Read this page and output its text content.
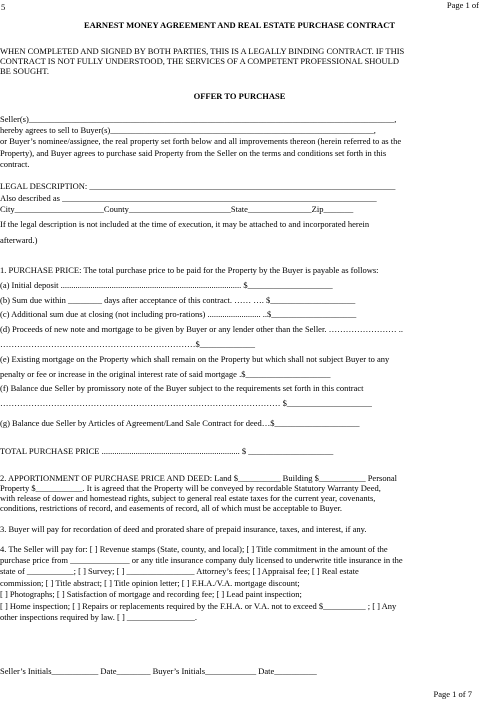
5	Page 1 of

EARNEST MONEY AGREEMENT AND REAL ESTATE PURCHASE CONTRACT

WHEN COMPLETED AND SIGNED BY BOTH PARTIES, THIS IS A LEGALLY BINDING CONTRACT. IF THIS

CONTRACT IS NOT FULLY UNDERSTOOD, THE SERVICES OF A COMPETENT PROFESSIONAL SHOULD

BE SOUGHT.

OFFER TO PURCHASE

Seller(s)______________________________________________________________________________________,

hereby agrees to sell to Buyer(s)______________________________________________________________,

or Buyer’s nominee/assignee, the real property set forth below and all improvements thereon (herein referred to as the

Property), and Buyer agrees to purchase said Property from the Seller on the terms and conditions set forth in this

contract.

LEGAL DESCRIPTION: ________________________________________________________________________

Also described as __________________________________________________________________________

City_____________________County________________________State_______________Zip_______

If the legal description is not included at the time of execution, it may be attached to and incorporated herein

afterward.)

1. PURCHASE PRICE: The total purchase price to be paid for the Property by the Buyer is payable as follows:

(a) Initial deposit ..................................................................................... $____________________

(b) Sum due within ________ days after acceptance of this contract. …… …. $____________________

(c) Additional sum due at closing (not including pro-rations) ......................... ..$____________________

(d) Proceeds of new note and mortgage to be given by Buyer or any lender other than the Seller. …………………… ..

……………………………………………………………$_____________

(e) Existing mortgage on the Property which shall remain on the Property but which shall not subject Buyer to any

penalty or fee or increase in the original interest rate of said mortgage .$____________________

(f) Balance due Seller by promissory note of the Buyer subject to the requirements set forth in this contract

……………………………………………………………………………………… $____________________

(g) Balance due Seller by Articles of Agreement/Land Sale Contract for deed…$____________________

TOTAL PURCHASE PRICE ................................................................. $ ____________________

2. APPORTIONMENT OF PURCHASE PRICE AND DEED: Land $__________ Building $___________ Personal

Property $___________. It is agreed that the Property will be conveyed by recordable Statutory Warranty Deed,

with release of dower and homestead rights, subject to general real estate taxes for the current year, covenants,

conditions, restrictions of record, and easements of record, all of which must be acceptable to Buyer.

3. Buyer will pay for recordation of deed and prorated share of prepaid insurance, taxes, and interest, if any.

4. The Seller will pay for: [ ] Revenue stamps (State, county, and local); [ ] Title commitment in the amount of the

purchase price from ______________ or any title insurance company duly licensed to underwrite title insurance in the

state of ___________; [ ] Survey; [ ] ________________ Attorney’s fees; [ ] Appraisal fee; [ ] Real estate

commission; [ ] Title abstract; [ ] Title opinion letter; [ ] F.H.A./V.A. mortgage discount;

[ ] Photographs; [ ] Satisfaction of mortgage and recording fee; [ ] Lead paint inspection;

[ ] Home inspection; [ ] Repairs or replacements required by the F.H.A. or V.A. not to exceed $__________ ; [ ] Any

other inspections required by law. [ ] ________________.

Seller’s Initials___________ Date________ Buyer’s Initials____________ Date__________

Page 1 of 7
